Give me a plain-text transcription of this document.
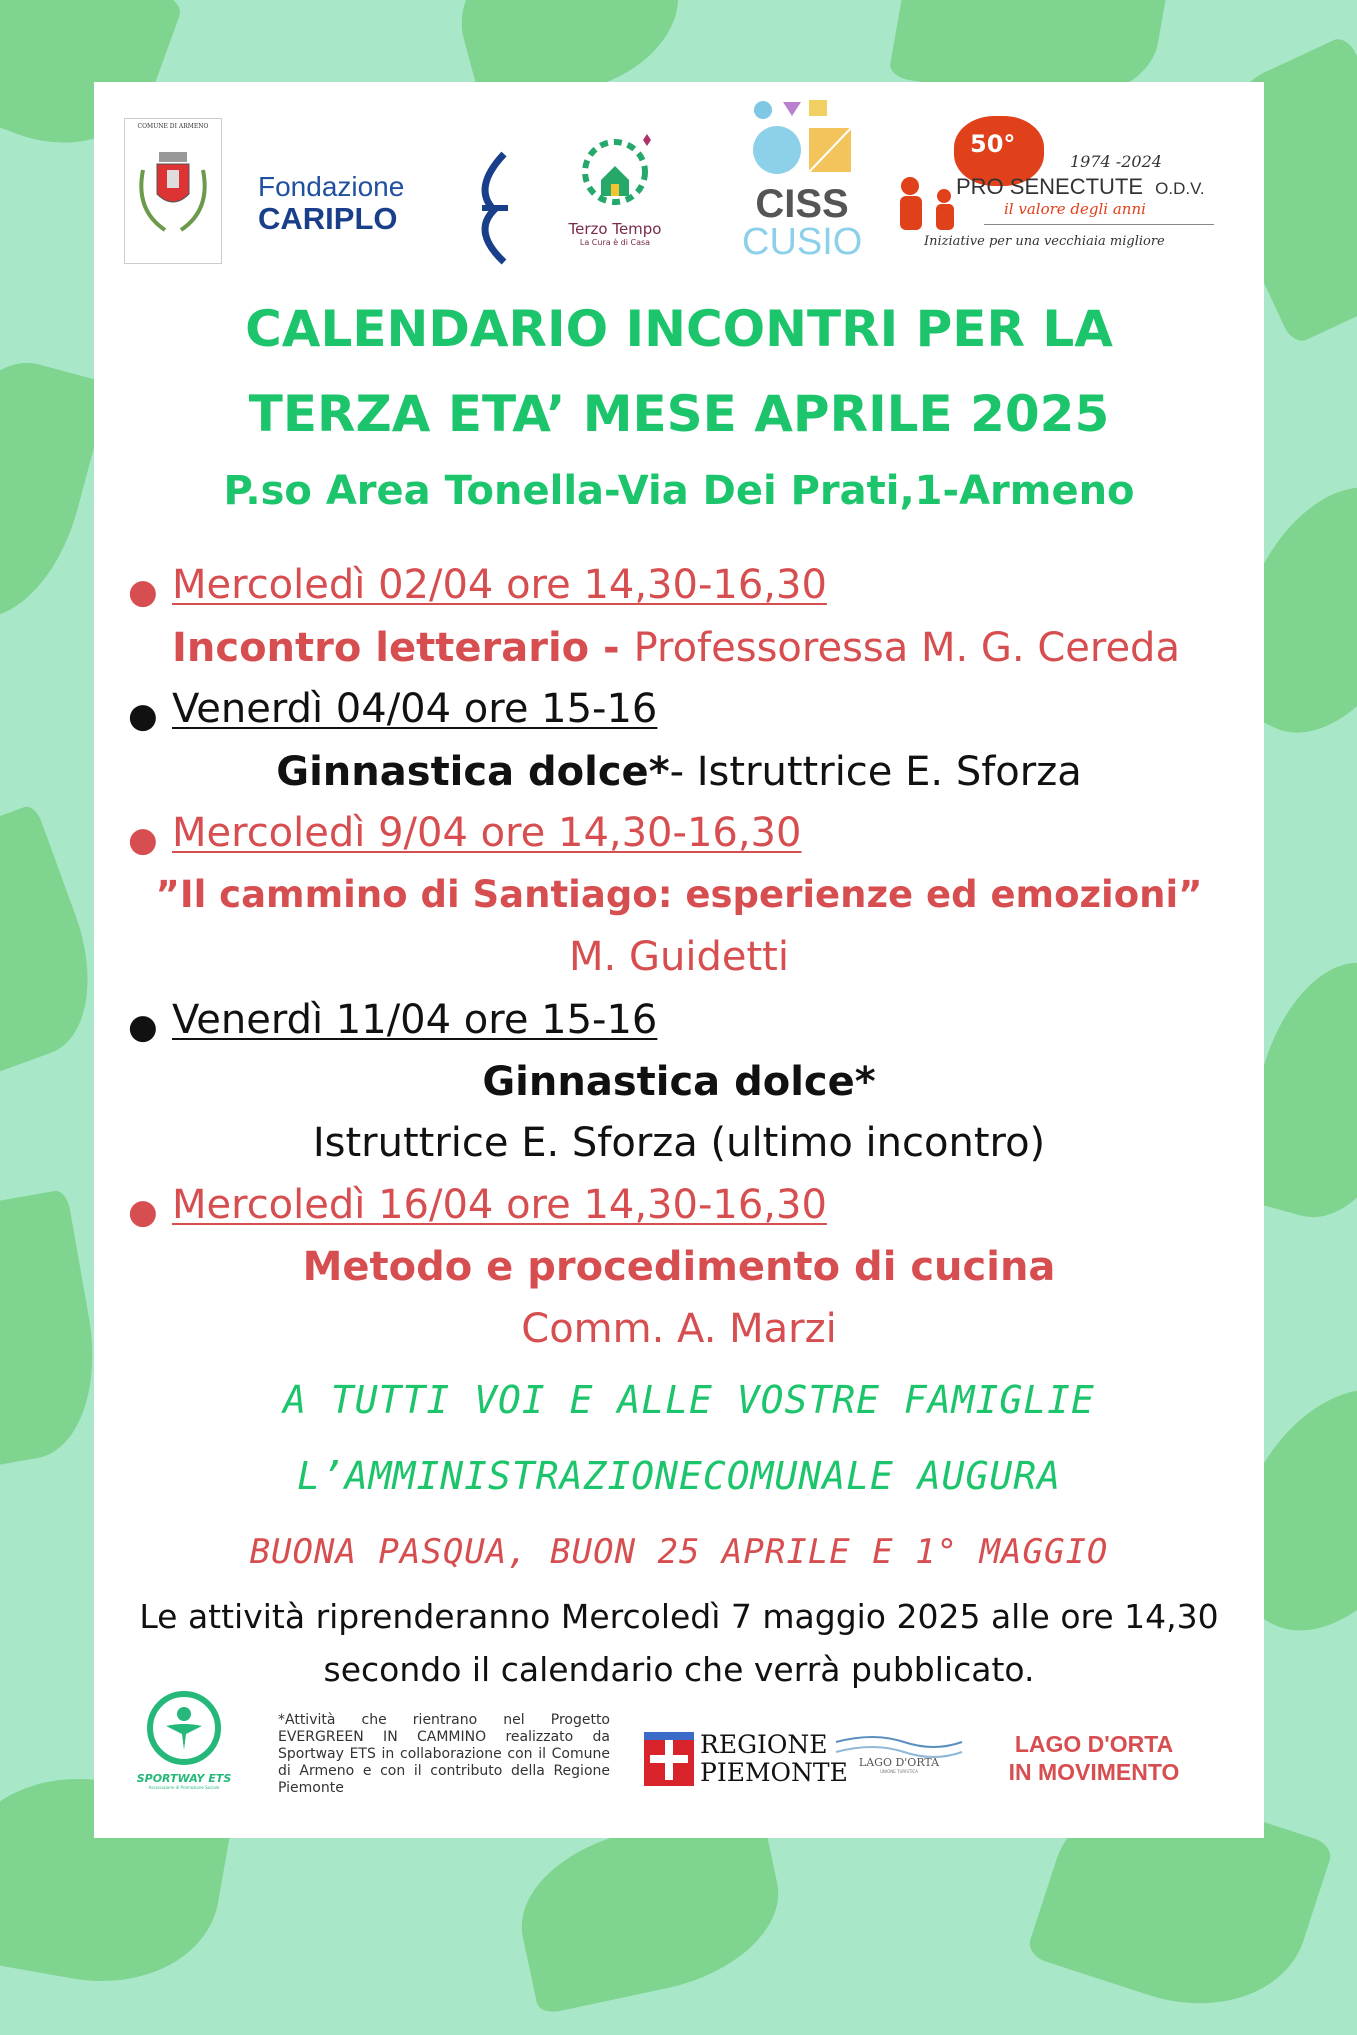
COMUNE DI ARMENO
Fondazione
CARIPLO	Terzo Tempo
La Cura è di Casa
CISS
CUSIO
50°
1974 -2024
PRO SENECTUTE O.D.V.
il valore degli anni
Iniziative per una vecchiaia migliore
CALENDARIO INCONTRI PER LA
TERZA ETA’ MESE APRILE 2025
P.so Area Tonella-Via Dei Prati,1-Armeno
● Mercoledì 02/04 ore 14,30-16,30
Incontro letterario - Professoressa M. G. Cereda
● Venerdì 04/04 ore 15-16
Ginnastica dolce*- Istruttrice E. Sforza
● Mercoledì 9/04 ore 14,30-16,30
”Il cammino di Santiago: esperienze ed emozioni”
M. Guidetti
● Venerdì 11/04 ore 15-16
Ginnastica dolce*
Istruttrice E. Sforza (ultimo incontro)
● Mercoledì 16/04 ore 14,30-16,30
Metodo e procedimento di cucina
Comm. A. Marzi
A TUTTI VOI E ALLE VOSTRE FAMIGLIE
L’AMMINISTRAZIONECOMUNALE AUGURA
BUONA PASQUA, BUON 25 APRILE E 1° MAGGIO
Le attività riprenderanno Mercoledì 7 maggio 2025 alle ore 14,30
secondo il calendario che verrà pubblicato.
SPORTWAY ETS
Associazione di Promozione Sociale
*Attività che rientrano nel Progetto EVERGREEN IN CAMMINO realizzato da Sportway ETS in collaborazione con il Comune di Armeno e con il contributo della Regione Piemonte
REGIONE
PIEMONTE	LAGO D'ORTA
UNIONE TURISTICA
LAGO D'ORTA
IN MOVIMENTO
